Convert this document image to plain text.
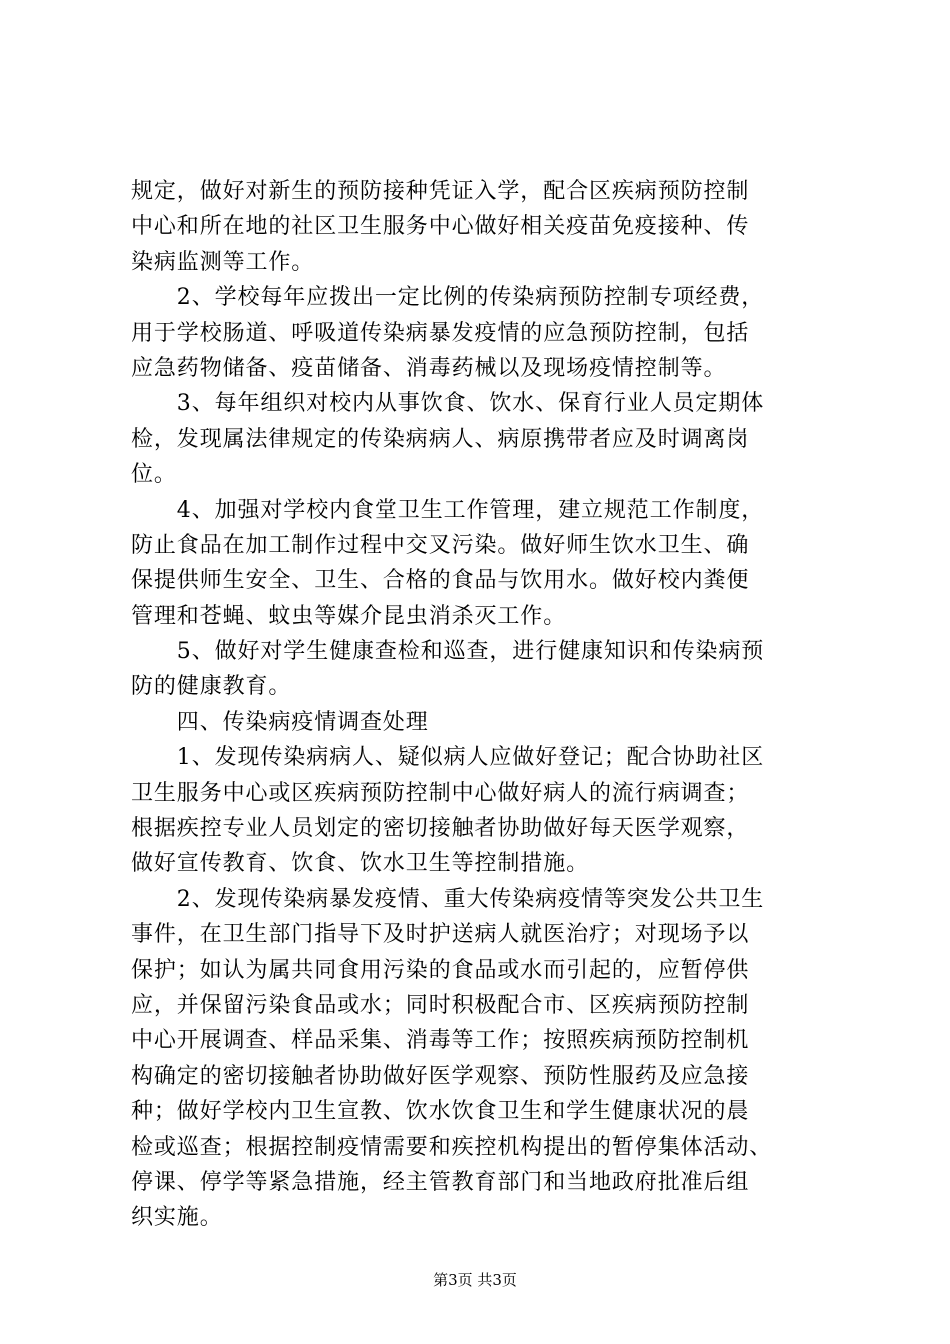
规定，做好对新生的预防接种凭证入学，配合区疾病预防控制
中心和所在地的社区卫生服务中心做好相关疫苗免疫接种、传
染病监测等工作。
　　2、学校每年应拨出一定比例的传染病预防控制专项经费，
用于学校肠道、呼吸道传染病暴发疫情的应急预防控制，包括
应急药物储备、疫苗储备、消毒药械以及现场疫情控制等。
　　3、每年组织对校内从事饮食、饮水、保育行业人员定期体
检，发现属法律规定的传染病病人、病原携带者应及时调离岗
位。
　　4、加强对学校内食堂卫生工作管理，建立规范工作制度，
防止食品在加工制作过程中交叉污染。做好师生饮水卫生、确
保提供师生安全、卫生、合格的食品与饮用水。做好校内粪便
管理和苍蝇、蚊虫等媒介昆虫消杀灭工作。
　　5、做好对学生健康查检和巡查，进行健康知识和传染病预
防的健康教育。
　　四、传染病疫情调查处理
　　1、发现传染病病人、疑似病人应做好登记；配合协助社区
卫生服务中心或区疾病预防控制中心做好病人的流行病调查；
根据疾控专业人员划定的密切接触者协助做好每天医学观察，
做好宣传教育、饮食、饮水卫生等控制措施。
　　2、发现传染病暴发疫情、重大传染病疫情等突发公共卫生
事件，在卫生部门指导下及时护送病人就医治疗；对现场予以
保护；如认为属共同食用污染的食品或水而引起的，应暂停供
应，并保留污染食品或水；同时积极配合市、区疾病预防控制
中心开展调查、样品采集、消毒等工作；按照疾病预防控制机
构确定的密切接触者协助做好医学观察、预防性服药及应急接
种；做好学校内卫生宣教、饮水饮食卫生和学生健康状况的晨
检或巡查；根据控制疫情需要和疾控机构提出的暂停集体活动、
停课、停学等紧急措施，经主管教育部门和当地政府批准后组
织实施。
第3页 共3页
